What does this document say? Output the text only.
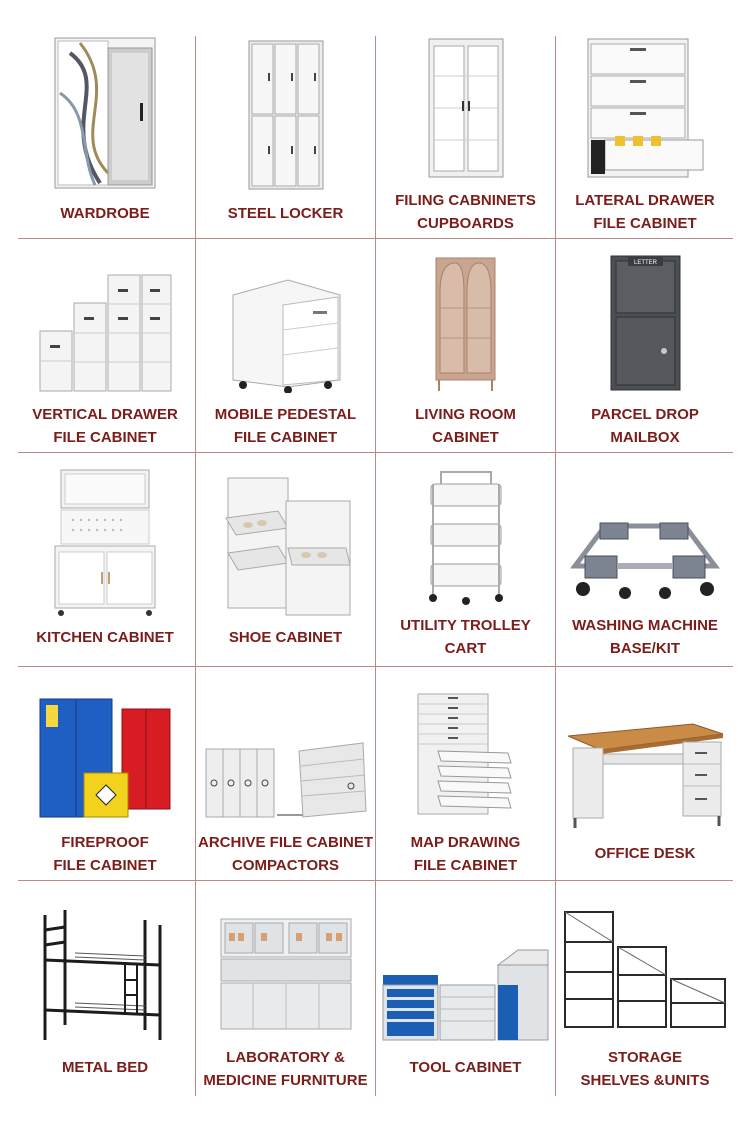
WARDROBE	STEEL LOCKER
FILING CABNINETS
CUPBOARDS
LATERAL DRAWER
FILE CABINET
VERTICAL DRAWER
FILE CABINET
MOBILE PEDESTAL
FILE CABINET
LIVING ROOM
CABINET
LETTER
PARCEL DROP
MAILBOX
KITCHEN CABINET	SHOE CABINET
UTILITY TROLLEY
CART
WASHING MACHINE
BASE/KIT
FIREPROOF
FILE CABINET
ARCHIVE FILE CABINET
COMPACTORS
MAP DRAWING
FILE CABINET
OFFICE DESK
METAL BED
LABORATORY &
MEDICINE FURNITURE
TOOL CABINET
STORAGE
SHELVES &UNITS
